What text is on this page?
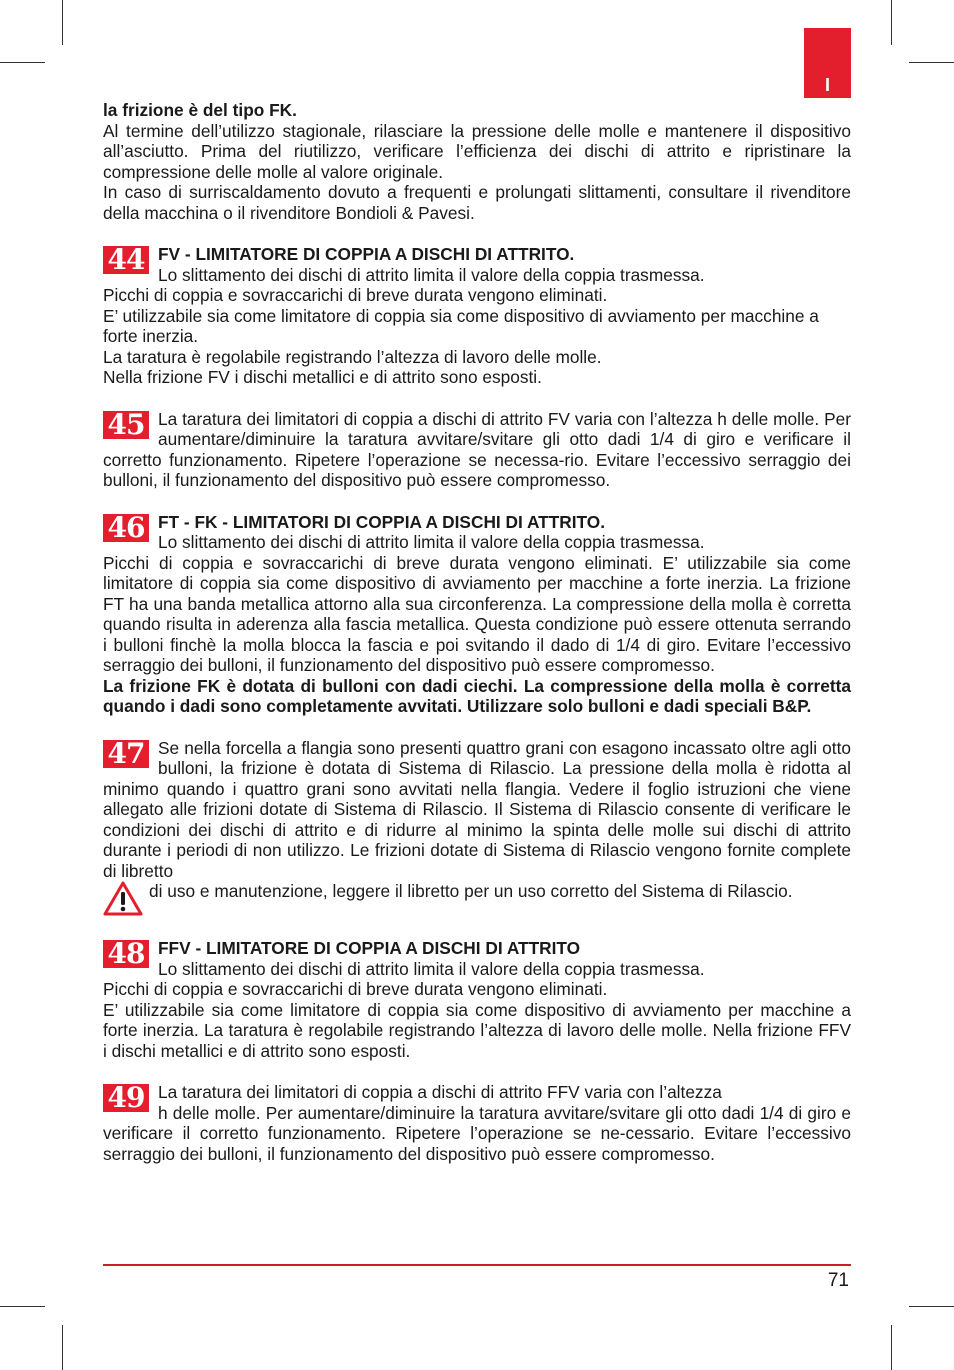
I

la frizione è del tipo FK.

Al termine dell’utilizzo stagionale, rilasciare la pressione delle molle e mantenere il dispositivo all’asciutto. Prima del riutilizzo, verificare l’efficienza dei dischi di attrito e ripristinare la compressione delle molle al valore originale.

In caso di surriscaldamento dovuto a frequenti e prolungati slittamenti, consultare il rivenditore della macchina o il rivenditore Bondioli & Pavesi.

44 FV - LIMITATORE DI COPPIA A DISCHI DI ATTRITO.

Lo slittamento dei dischi di attrito limita il valore della coppia trasmessa.

Picchi di coppia e sovraccarichi di breve durata vengono eliminati.

E’ utilizzabile sia come limitatore di coppia sia come dispositivo di avviamento per macchine a forte inerzia.

La taratura è regolabile registrando l’altezza di lavoro delle molle.

Nella frizione FV i dischi metallici e di attrito sono esposti.

45 La taratura dei limitatori di coppia a dischi di attrito FV varia con l’altezza h delle molle. Per aumentare/diminuire la taratura avvitare/svitare gli otto dadi 1/4 di giro e verificare il corretto funzionamento. Ripetere l’operazione se necessa-rio. Evitare l’eccessivo serraggio dei bulloni, il funzionamento del dispositivo può essere compromesso.

46 FT - FK - LIMITATORI DI COPPIA A DISCHI DI ATTRITO.

Lo slittamento dei dischi di attrito limita il valore della coppia trasmessa.

Picchi di coppia e sovraccarichi di breve durata vengono eliminati. E’ utilizzabile sia come limitatore di coppia sia come dispositivo di avviamento per macchine a forte inerzia. La frizione FT ha una banda metallica attorno alla sua circonferenza. La compressione della molla è corretta quando risulta in aderenza alla fascia metallica. Questa condizione può essere ottenuta serrando i bulloni finchè la molla blocca la fascia e poi svitando il dado di 1/4 di giro. Evitare l’eccessivo serraggio dei bulloni, il funzionamento del dispositivo può essere compromesso.

La frizione FK è dotata di bulloni con dadi ciechi. La compressione della molla è corretta quando i dadi sono completamente avvitati. Utilizzare solo bulloni e dadi speciali B&P.

47 Se nella forcella a flangia sono presenti quattro grani con esagono incassato oltre agli otto bulloni, la frizione è dotata di Sistema di Rilascio. La pressione della molla è ridotta al minimo quando i quattro grani sono avvitati nella flangia. Vedere il foglio istruzioni che viene allegato alle frizioni dotate di Sistema di Rilascio. Il Sistema di Rilascio consente di verificare le condizioni dei dischi di attrito e di ridurre al minimo la spinta delle molle sui dischi di attrito durante i periodi di non utilizzo. Le frizioni dotate di Sistema di Rilascio vengono fornite complete di libretto

di uso e manutenzione, leggere il libretto per un uso corretto del Sistema di Rilascio.

48 FFV - LIMITATORE DI COPPIA A DISCHI DI ATTRITO

Lo slittamento dei dischi di attrito limita il valore della coppia trasmessa.

Picchi di coppia e sovraccarichi di breve durata vengono eliminati.

E’ utilizzabile sia come limitatore di coppia sia come dispositivo di avviamento per macchine a forte inerzia. La taratura è regolabile registrando l’altezza di lavoro delle molle. Nella frizione FFV i dischi metallici e di attrito sono esposti.

49 La taratura dei limitatori di coppia a dischi di attrito FFV varia con l’altezza

h delle molle. Per aumentare/diminuire la taratura avvitare/svitare gli otto dadi 1/4 di giro e verificare il corretto funzionamento. Ripetere l’operazione se ne-cessario. Evitare l’eccessivo serraggio dei bulloni, il funzionamento del dispositivo può essere compromesso.

71
